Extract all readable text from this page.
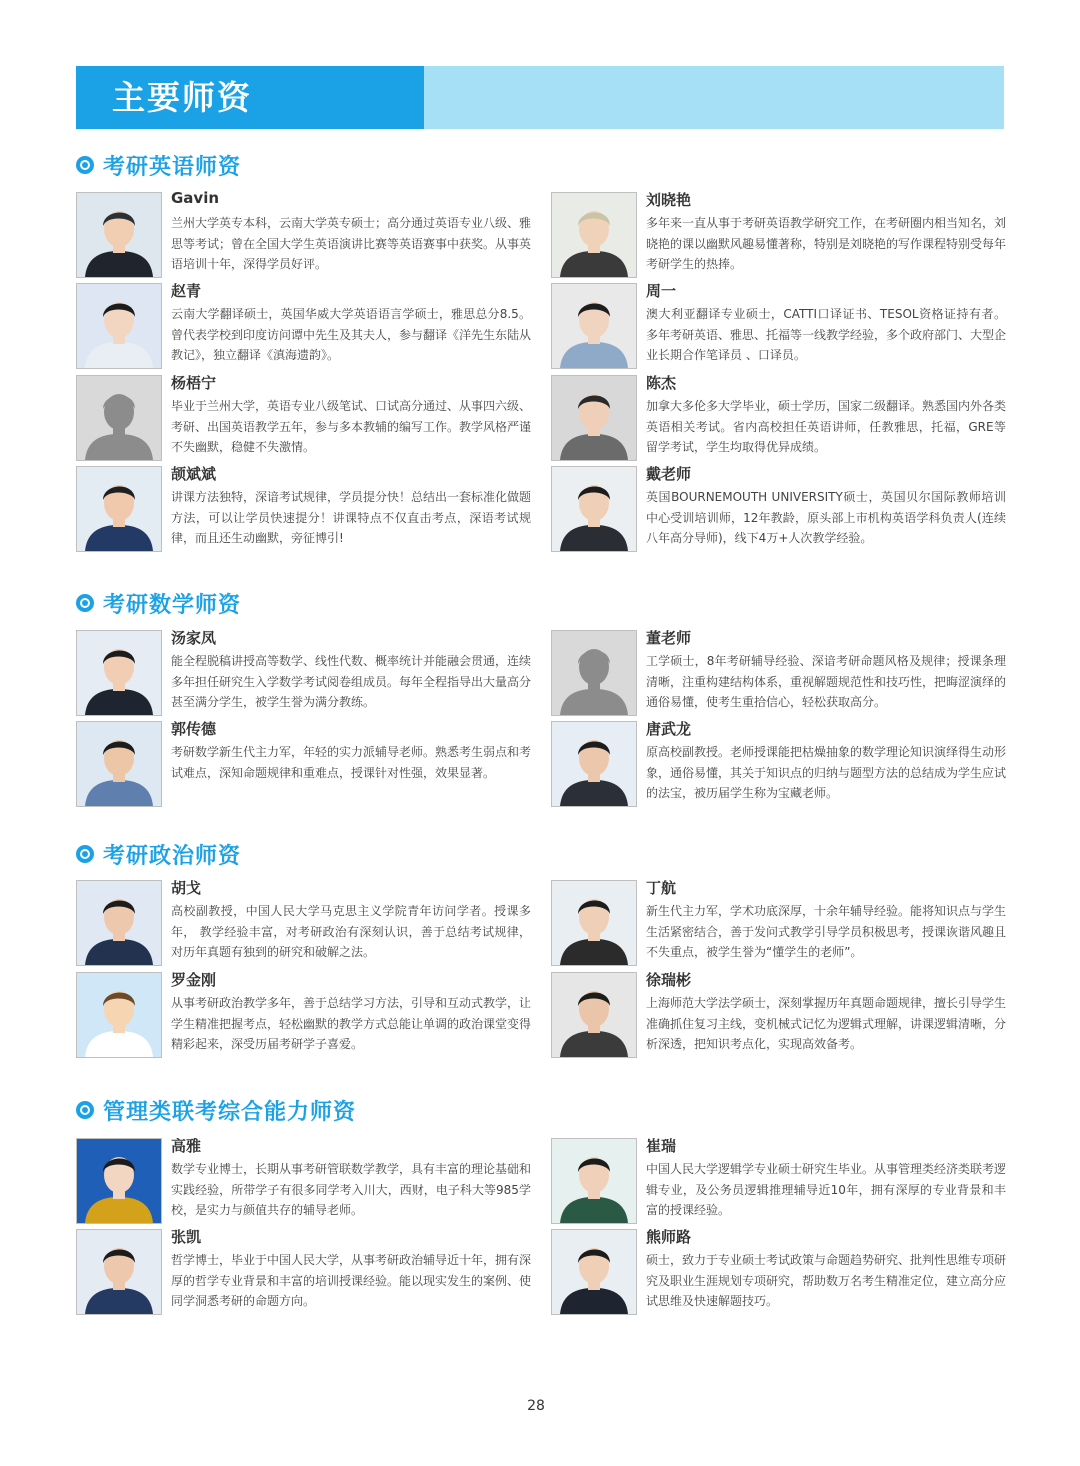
主要师资
考研英语师资
考研数学师资
考研政治师资
管理类联考综合能力师资
Gavin
兰州大学英专本科，云南大学英专硕士；高分通过英语专业八级、雅思等考试；曾在全国大学生英语演讲比赛等英语赛事中获奖。从事英语培训十年，深得学员好评。
刘晓艳
多年来一直从事于考研英语教学研究工作，在考研圈内相当知名，刘晓艳的课以幽默风趣易懂著称，特别是刘晓艳的写作课程特别受每年考研学生的热捧。
赵青
云南大学翻译硕士，英国华威大学英语语言学硕士，雅思总分8.5。曾代表学校到印度访问谭中先生及其夫人，参与翻译《洋先生东陆从教记》，独立翻译《滇海遗韵》。
周一
澳大利亚翻译专业硕士，CATTI口译证书、TESOL资格证持有者。多年考研英语、雅思、托福等一线教学经验，多个政府部门、大型企业长期合作笔译员 、口译员。
杨梧宁
毕业于兰州大学，英语专业八级笔试、口试高分通过、从事四六级、考研、出国英语教学五年，参与多本教辅的编写工作。教学风格严谨不失幽默，稳健不失激情。
陈杰
加拿大多伦多大学毕业，硕士学历，国家二级翻译。熟悉国内外各类英语相关考试。省内高校担任英语讲师，任教雅思，托福，GRE等留学考试，学生均取得优异成绩。
颉斌斌
讲课方法独特，深谙考试规律，学员提分快！总结出一套标准化做题方法，可以让学员快速提分！讲课特点不仅直击考点，深语考试规律，而且还生动幽默，旁征博引!
戴老师
英国BOURNEMOUTH UNIVERSITY硕士，英国贝尔国际教师培训中心受训培训师，12年教龄，原头部上市机构英语学科负责人(连续八年高分导师)，线下4万+人次教学经验。
汤家凤
能全程脱稿讲授高等数学、线性代数、概率统计并能融会贯通，连续多年担任研究生入学数学考试阅卷组成员。每年全程指导出大量高分甚至满分学生，被学生誉为满分教练。
董老师
工学硕士，8年考研辅导经验、深谙考研命题风格及规律；授课条理清晰，注重构建结构体系，重视解题规范性和技巧性，把晦涩演绎的通俗易懂，使考生重拾信心，轻松获取高分。
郭传德
考研数学新生代主力军，年轻的实力派辅导老师。熟悉考生弱点和考试难点，深知命题规律和重难点，授课针对性强，效果显著。
唐武龙
原高校副教授。老师授课能把枯燥抽象的数学理论知识演绎得生动形象，通俗易懂，其关于知识点的归纳与题型方法的总结成为学生应试的法宝，被历届学生称为宝藏老师。
胡戈
高校副教授，中国人民大学马克思主义学院青年访问学者。授课多年， 教学经验丰富，对考研政治有深刻认识，善于总结考试规律，对历年真题有独到的研究和破解之法。
丁航
新生代主力军，学术功底深厚，十余年辅导经验。能将知识点与学生生活紧密结合，善于发问式教学引导学员积极思考，授课诙谐风趣且不失重点，被学生誉为“懂学生的老师”。
罗金刚
从事考研政治教学多年，善于总结学习方法，引导和互动式教学，让学生精准把握考点，轻松幽默的教学方式总能让单调的政治课堂变得精彩起来，深受历届考研学子喜爱。
徐瑞彬
上海师范大学法学硕士，深刻掌握历年真题命题规律，擅长引导学生准确抓住复习主线，变机械式记忆为逻辑式理解，讲课逻辑清晰，分析深透，把知识考点化，实现高效备考。
高雅
数学专业博士，长期从事考研管联数学教学，具有丰富的理论基础和实践经验，所带学子有很多同学考入川大，西财，电子科大等985学校，是实力与颜值共存的辅导老师。
崔瑞
中国人民大学逻辑学专业硕士研究生毕业。从事管理类经济类联考逻辑专业，及公务员逻辑推理辅导近10年，拥有深厚的专业背景和丰富的授课经验。
张凯
哲学博士，毕业于中国人民大学，从事考研政治辅导近十年，拥有深厚的哲学专业背景和丰富的培训授课经验。能以现实发生的案例、使同学洞悉考研的命题方向。
熊师路
硕士，致力于专业硕士考试政策与命题趋势研究、批判性思维专项研究及职业生涯规划专项研究，帮助数万名考生精准定位，建立高分应试思维及快速解题技巧。
28
